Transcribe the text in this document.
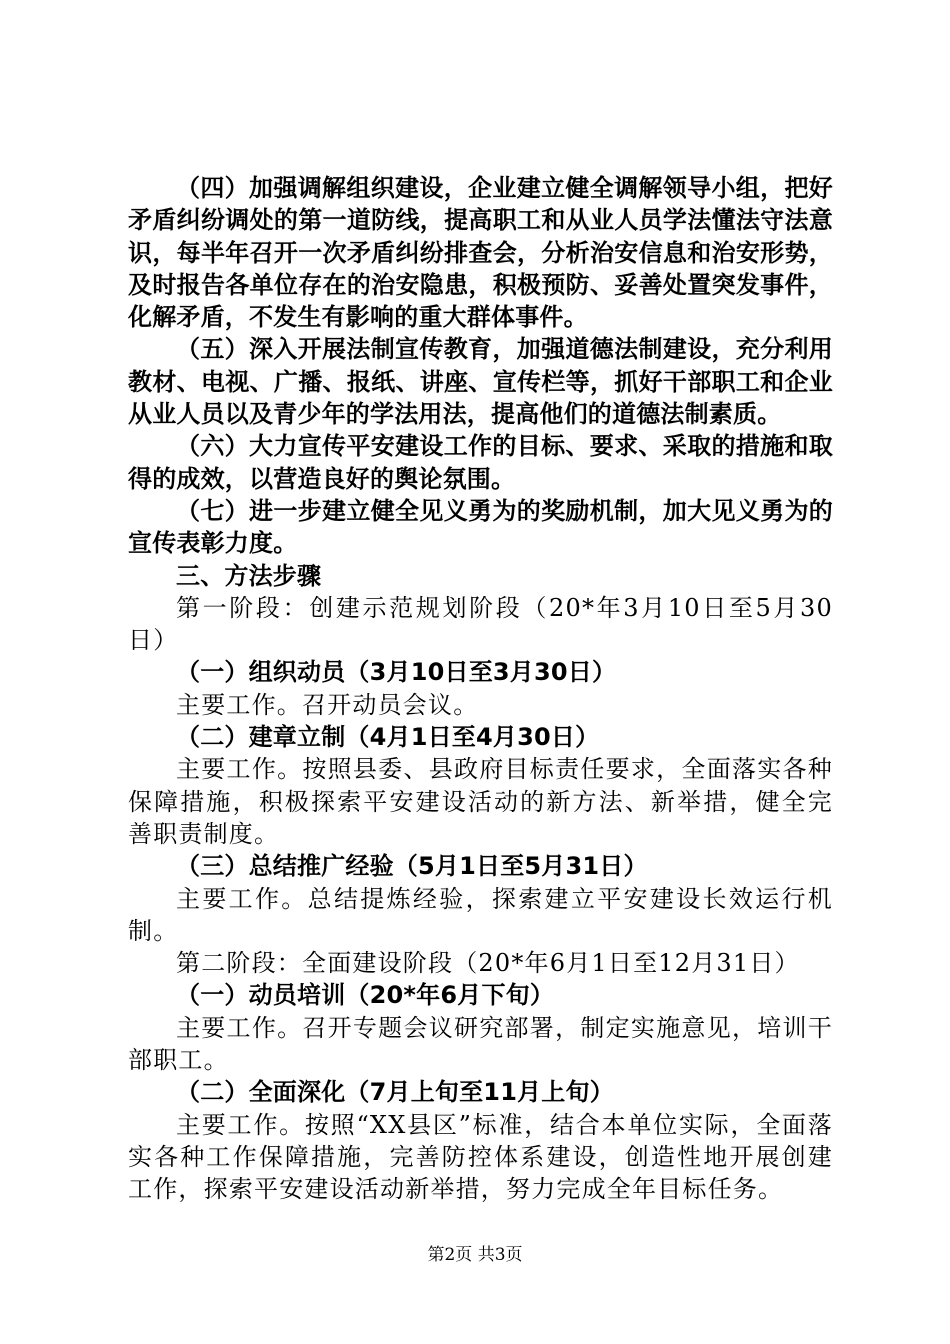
（四）加强调解组织建设，企业建立健全调解领导小组，把好矛盾纠纷调处的第一道防线，提高职工和从业人员学法懂法守法意识，每半年召开一次矛盾纠纷排查会，分析治安信息和治安形势，及时报告各单位存在的治安隐患，积极预防、妥善处置突发事件，化解矛盾，不发生有影响的重大群体事件。

（五）深入开展法制宣传教育，加强道德法制建设，充分利用教材、电视、广播、报纸、讲座、宣传栏等，抓好干部职工和企业从业人员以及青少年的学法用法，提高他们的道德法制素质。

（六）大力宣传平安建设工作的目标、要求、采取的措施和取得的成效，以营造良好的舆论氛围。

（七）进一步建立健全见义勇为的奖励机制，加大见义勇为的宣传表彰力度。

三、方法步骤

第一阶段：创建示范规划阶段（20*年3月10日至5月30日）

（一）组织动员（3月10日至3月30日）

主要工作。召开动员会议。

（二）建章立制（4月1日至4月30日）

主要工作。按照县委、县政府目标责任要求，全面落实各种保障措施，积极探索平安建设活动的新方法、新举措，健全完善职责制度。

（三）总结推广经验（5月1日至5月31日）

主要工作。总结提炼经验，探索建立平安建设长效运行机制。

第二阶段：全面建设阶段（20*年6月1日至12月31日）

（一）动员培训（20*年6月下旬）

主要工作。召开专题会议研究部署，制定实施意见，培训干部职工。

（二）全面深化（7月上旬至11月上旬）

主要工作。按照“XX县区”标准，结合本单位实际，全面落实各种工作保障措施，完善防控体系建设，创造性地开展创建工作，探索平安建设活动新举措，努力完成全年目标任务。

第2页 共3页
